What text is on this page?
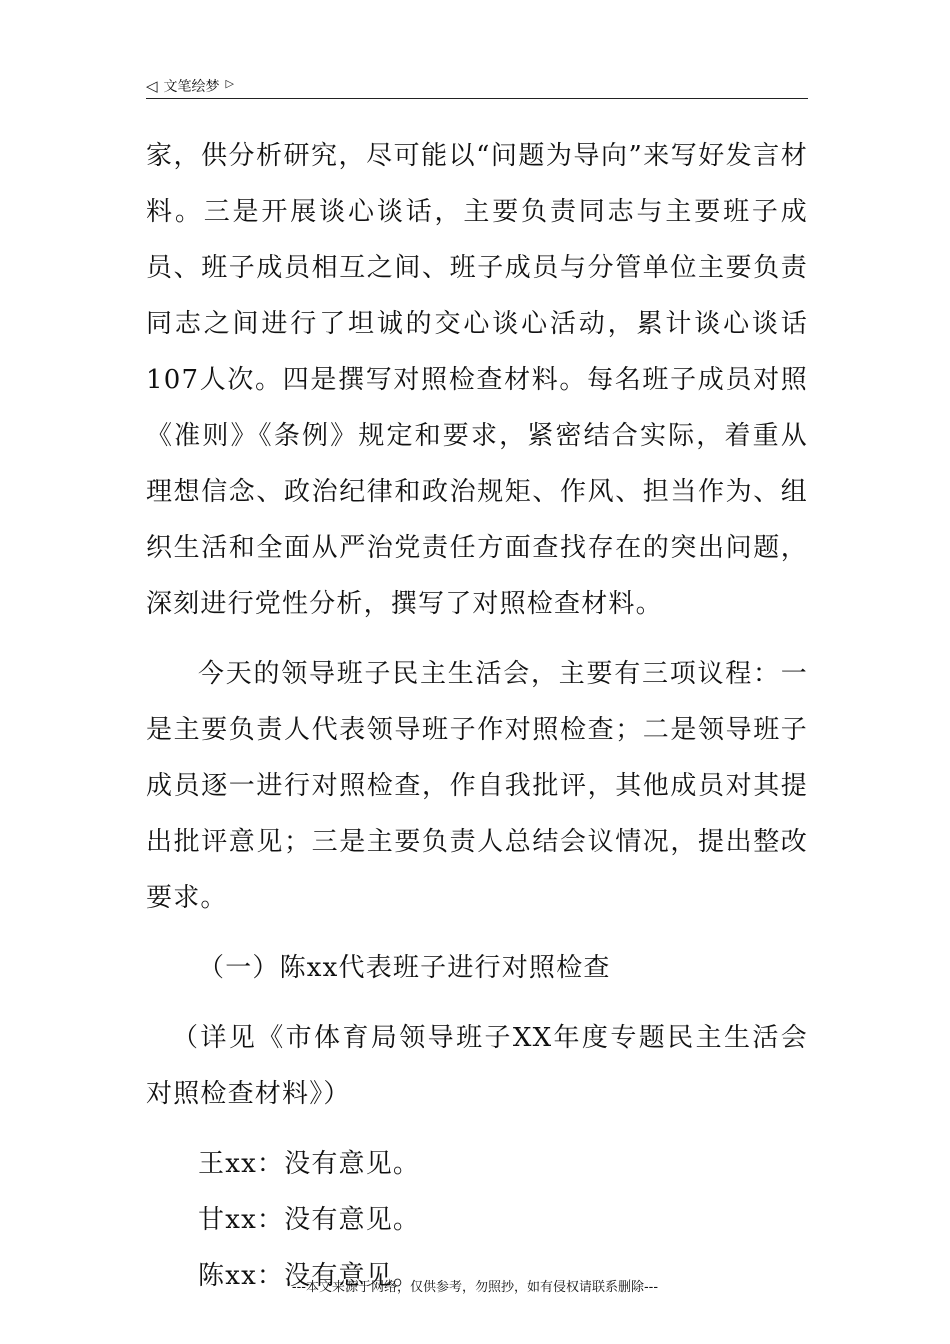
◁ 文笔绘梦 ▷

家，供分析研究，尽可能以“问题为导向”来写好发言材料。三是开展谈心谈话，主要负责同志与主要班子成员、班子成员相互之间、班子成员与分管单位主要负责同志之间进行了坦诚的交心谈心活动，累计谈心谈话107人次。四是撰写对照检查材料。每名班子成员对照《准则》《条例》规定和要求，紧密结合实际，着重从理想信念、政治纪律和政治规矩、作风、担当作为、组织生活和全面从严治党责任方面查找存在的突出问题，深刻进行党性分析，撰写了对照检查材料。

今天的领导班子民主生活会，主要有三项议程：一是主要负责人代表领导班子作对照检查；二是领导班子成员逐一进行对照检查，作自我批评，其他成员对其提出批评意见；三是主要负责人总结会议情况，提出整改要求。

（一）陈xx代表班子进行对照检查

（详见《市体育局领导班子XX年度专题民主生活会对照检查材料》）

王xx：没有意见。

甘xx：没有意见。

陈xx：没有意见。

---本文来源于网络，仅供参考，勿照抄，如有侵权请联系删除---
